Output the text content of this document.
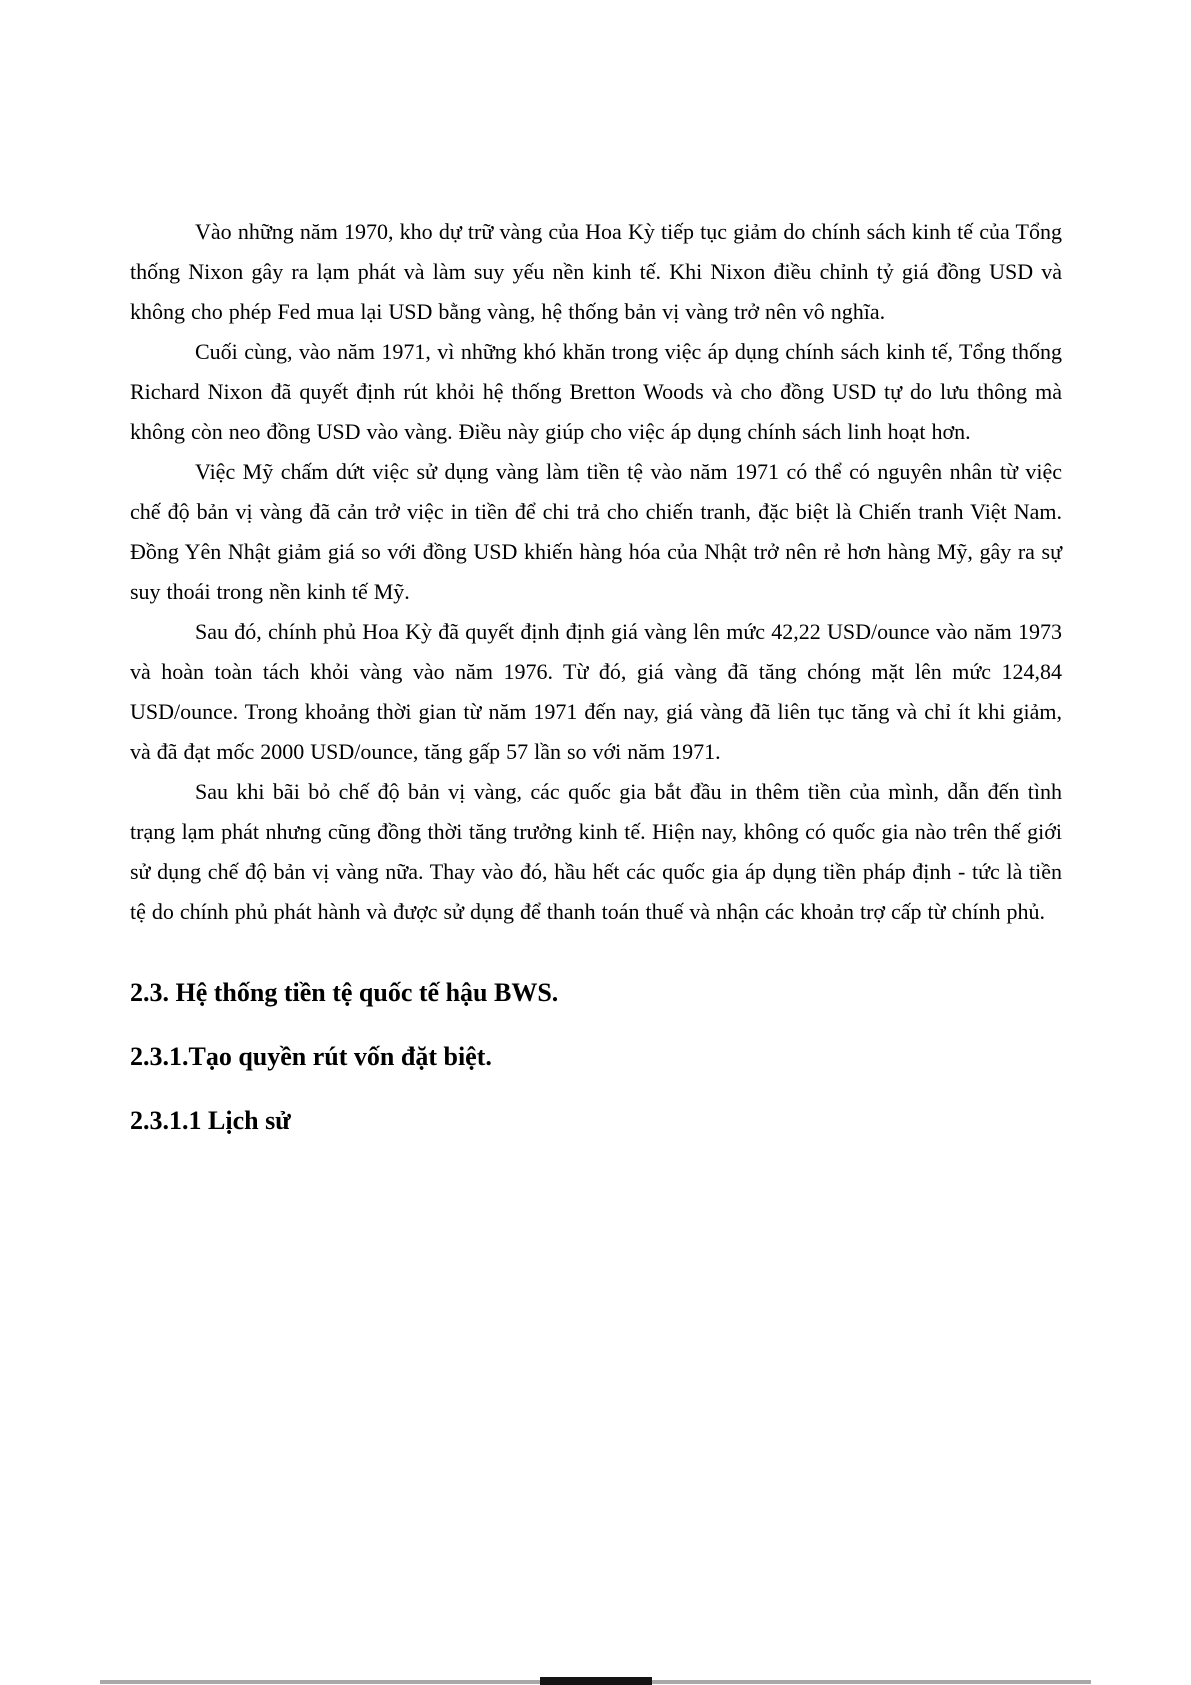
Vào những năm 1970, kho dự trữ vàng của Hoa Kỳ tiếp tục giảm do chính sách kinh tế của Tổng thống Nixon gây ra lạm phát và làm suy yếu nền kinh tế. Khi Nixon điều chỉnh tỷ giá đồng USD và không cho phép Fed mua lại USD bằng vàng, hệ thống bản vị vàng trở nên vô nghĩa.

Cuối cùng, vào năm 1971, vì những khó khăn trong việc áp dụng chính sách kinh tế, Tổng thống Richard Nixon đã quyết định rút khỏi hệ thống Bretton Woods và cho đồng USD tự do lưu thông mà không còn neo đồng USD vào vàng. Điều này giúp cho việc áp dụng chính sách linh hoạt hơn.

Việc Mỹ chấm dứt việc sử dụng vàng làm tiền tệ vào năm 1971 có thể có nguyên nhân từ việc chế độ bản vị vàng đã cản trở việc in tiền để chi trả cho chiến tranh, đặc biệt là Chiến tranh Việt Nam. Đồng Yên Nhật giảm giá so với đồng USD khiến hàng hóa của Nhật trở nên rẻ hơn hàng Mỹ, gây ra sự suy thoái trong nền kinh tế Mỹ.

Sau đó, chính phủ Hoa Kỳ đã quyết định định giá vàng lên mức 42,22 USD/ounce vào năm 1973 và hoàn toàn tách khỏi vàng vào năm 1976. Từ đó, giá vàng đã tăng chóng mặt lên mức 124,84 USD/ounce. Trong khoảng thời gian từ năm 1971 đến nay, giá vàng đã liên tục tăng và chỉ ít khi giảm, và đã đạt mốc 2000 USD/ounce, tăng gấp 57 lần so với năm 1971.

Sau khi bãi bỏ chế độ bản vị vàng, các quốc gia bắt đầu in thêm tiền của mình, dẫn đến tình trạng lạm phát nhưng cũng đồng thời tăng trưởng kinh tế. Hiện nay, không có quốc gia nào trên thế giới sử dụng chế độ bản vị vàng nữa. Thay vào đó, hầu hết các quốc gia áp dụng tiền pháp định - tức là tiền tệ do chính phủ phát hành và được sử dụng để thanh toán thuế và nhận các khoản trợ cấp từ chính phủ.

2.3. Hệ thống tiền tệ quốc tế hậu BWS.
2.3.1.Tạo quyền rút vốn đặt biệt.
2.3.1.1 Lịch sử
